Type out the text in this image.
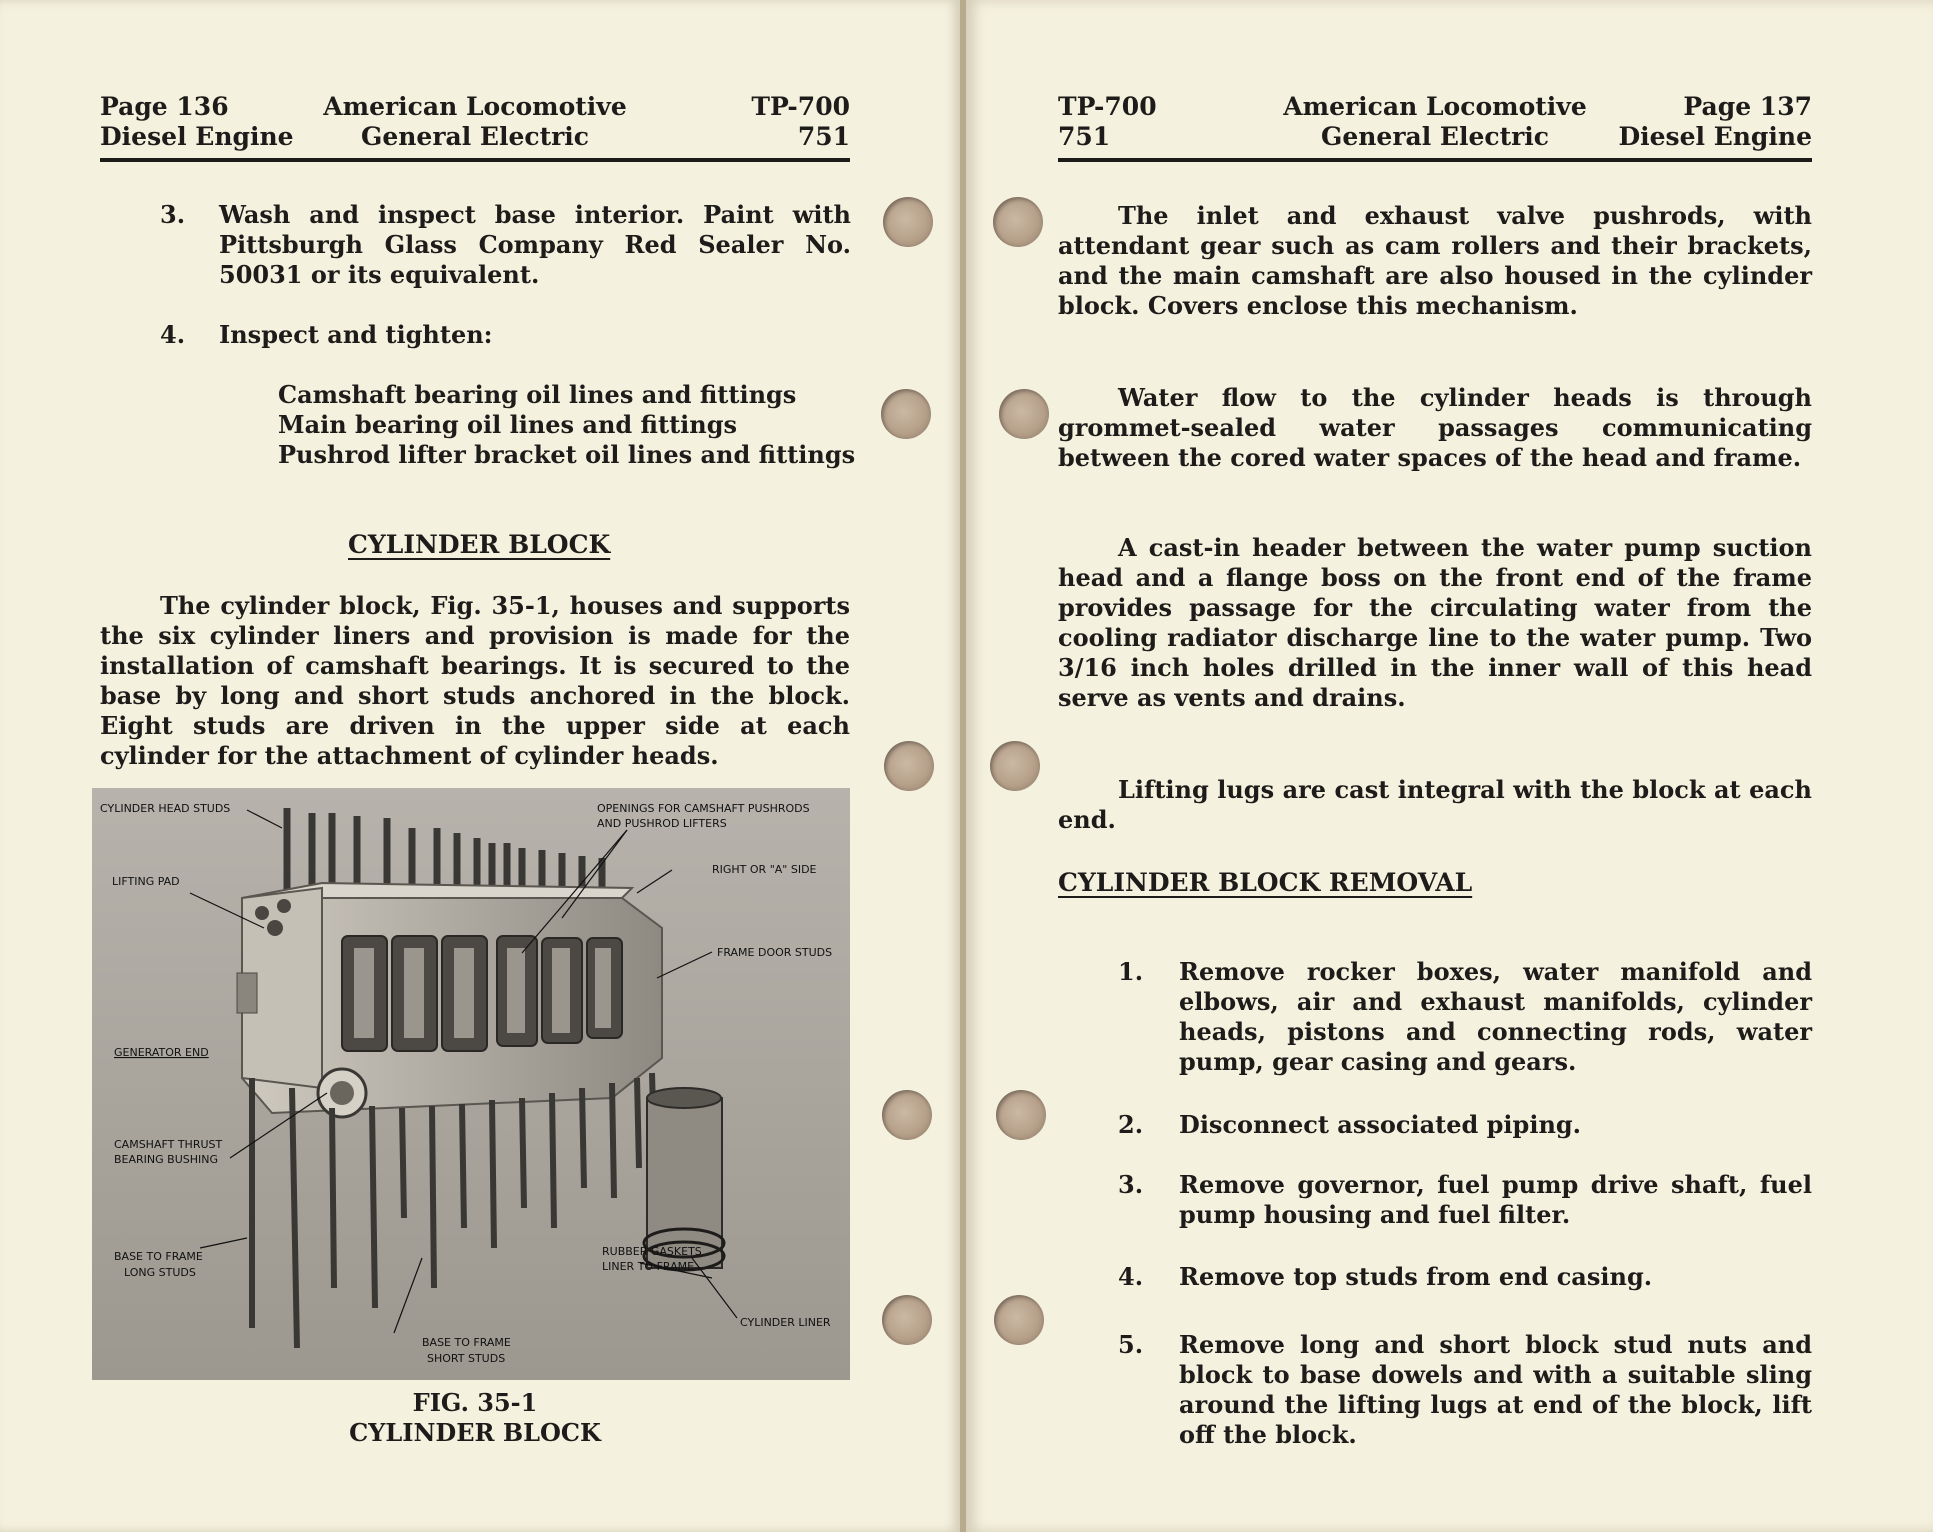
Page 136
Diesel Engine
American Locomotive
General Electric
TP-700
751
3. Wash and inspect base interior. Paint with Pittsburgh Glass Company Red Sealer No. 50031 or its equivalent.
4. Inspect and tighten:
Camshaft bearing oil lines and fittings
Main bearing oil lines and fittings
Pushrod lifter bracket oil lines and fittings
CYLINDER BLOCK
The cylinder block, Fig. 35-1, houses and supports the six cylinder liners and provision is made for the installation of camshaft bearings. It is secured to the base by long and short studs anchored in the block. Eight studs are driven in the upper side at each cylinder for the attachment of cylinder heads.
CYLINDER HEAD STUDS	OPENINGS FOR CAMSHAFT PUSHRODS
AND PUSHROD LIFTERS
RIGHT OR "A" SIDE
LIFTING PAD
FRAME DOOR STUDS
GENERATOR END
CAMSHAFT THRUST
BEARING BUSHING
BASE TO FRAME
LONG STUDS
RUBBER GASKETS
LINER TO FRAME
CYLINDER LINER
BASE TO FRAME
SHORT STUDS
FIG. 35-1
CYLINDER BLOCK
TP-700
751
American Locomotive
General Electric
Page 137
Diesel Engine
The inlet and exhaust valve pushrods, with attendant gear such as cam rollers and their brackets, and the main camshaft are also housed in the cylinder block. Covers enclose this mechanism.
Water flow to the cylinder heads is through grommet-sealed water passages communicating between the cored water spaces of the head and frame.
A cast-in header between the water pump suction head and a flange boss on the front end of the frame provides passage for the circulating water from the cooling radiator discharge line to the water pump. Two 3/16 inch holes drilled in the inner wall of this head serve as vents and drains.
Lifting lugs are cast integral with the block at each end.
CYLINDER BLOCK REMOVAL
1. Remove rocker boxes, water manifold and elbows, air and exhaust manifolds, cylinder heads, pistons and connecting rods, water pump, gear casing and gears.
2. Disconnect associated piping.
3. Remove governor, fuel pump drive shaft, fuel pump housing and fuel filter.
4. Remove top studs from end casing.
5. Remove long and short block stud nuts and block to base dowels and with a suitable sling around the lifting lugs at end of the block, lift off the block.
